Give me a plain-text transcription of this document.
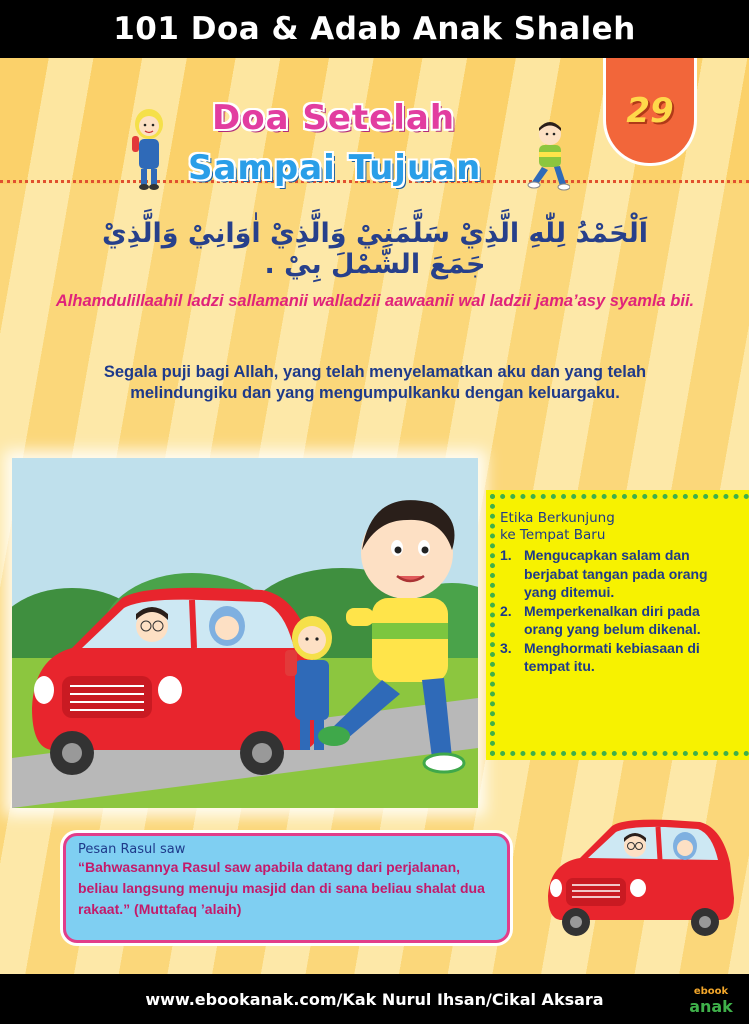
101 Doa & Adab Anak Shaleh
Doa Setelah
Sampai Tujuan
29
اَلْحَمْدُ لِلّٰهِ الَّذِيْ سَلَّمَنِيْ وَالَّذِيْ اٰوَانِيْ وَالَّذِيْ جَمَعَ الشَّمْلَ بِيْ .
Alhamdulillaahil ladzi sallamanii walladzii aawaanii wal ladzii jama’asy syamla bii.
Segala puji bagi Allah, yang telah menyelamatkan aku dan yang telah melindungiku dan yang mengumpulkanku dengan keluargaku.
Etika Berkunjung
ke Tempat Baru
1. Mengucapkan salam dan berjabat tangan pada orang yang ditemui.
2. Memperkenalkan diri pada orang yang belum dikenal.
3. Menghormati kebiasaan di tempat itu.
Pesan Rasul saw
“Bahwasannya Rasul saw apabila datang dari perjalanan, beliau langsung menuju masjid dan di sana beliau shalat dua rakaat.” (Muttafaq ’alaih)
www.ebookanak.com/Kak Nurul Ihsan/Cikal Aksara	ebook
anak
